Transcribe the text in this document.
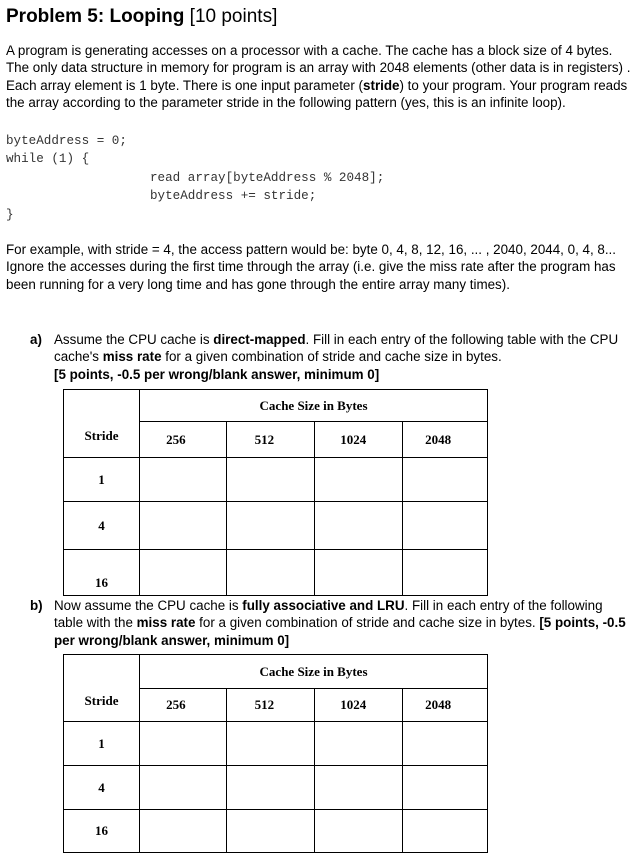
Problem 5: Looping [10 points]
A program is generating accesses on a processor with a cache. The cache has a block size of 4 bytes. The only data structure in memory for program is an array with 2048 elements (other data is in registers) . Each array element is 1 byte. There is one input parameter (stride) to your program. Your program reads the array according to the parameter stride in the following pattern (yes, this is an infinite loop).
byteAddress = 0;
while (1) {
read array[byteAddress % 2048];
byteAddress += stride;
}
For example, with stride = 4, the access pattern would be: byte 0, 4, 8, 12, 16, ... , 2040, 2044, 0, 4, 8... Ignore the accesses during the first time through the array (i.e. give the miss rate after the program has been running for a very long time and has gone through the entire array many times).
a) Assume the CPU cache is direct-mapped. Fill in each entry of the following table with the CPU cache's miss rate for a given combination of stride and cache size in bytes.
[5 points, -0.5 per wrong/blank answer, minimum 0]
Stride	Cache Size in Bytes			
	256	512	1024	2048
1				
4				
16				
b) Now assume the CPU cache is fully associative and LRU. Fill in each entry of the following table with the miss rate for a given combination of stride and cache size in bytes. [5 points, -0.5 per wrong/blank answer, minimum 0]
Stride	Cache Size in Bytes			
	256	512	1024	2048
1				
4				
16				
